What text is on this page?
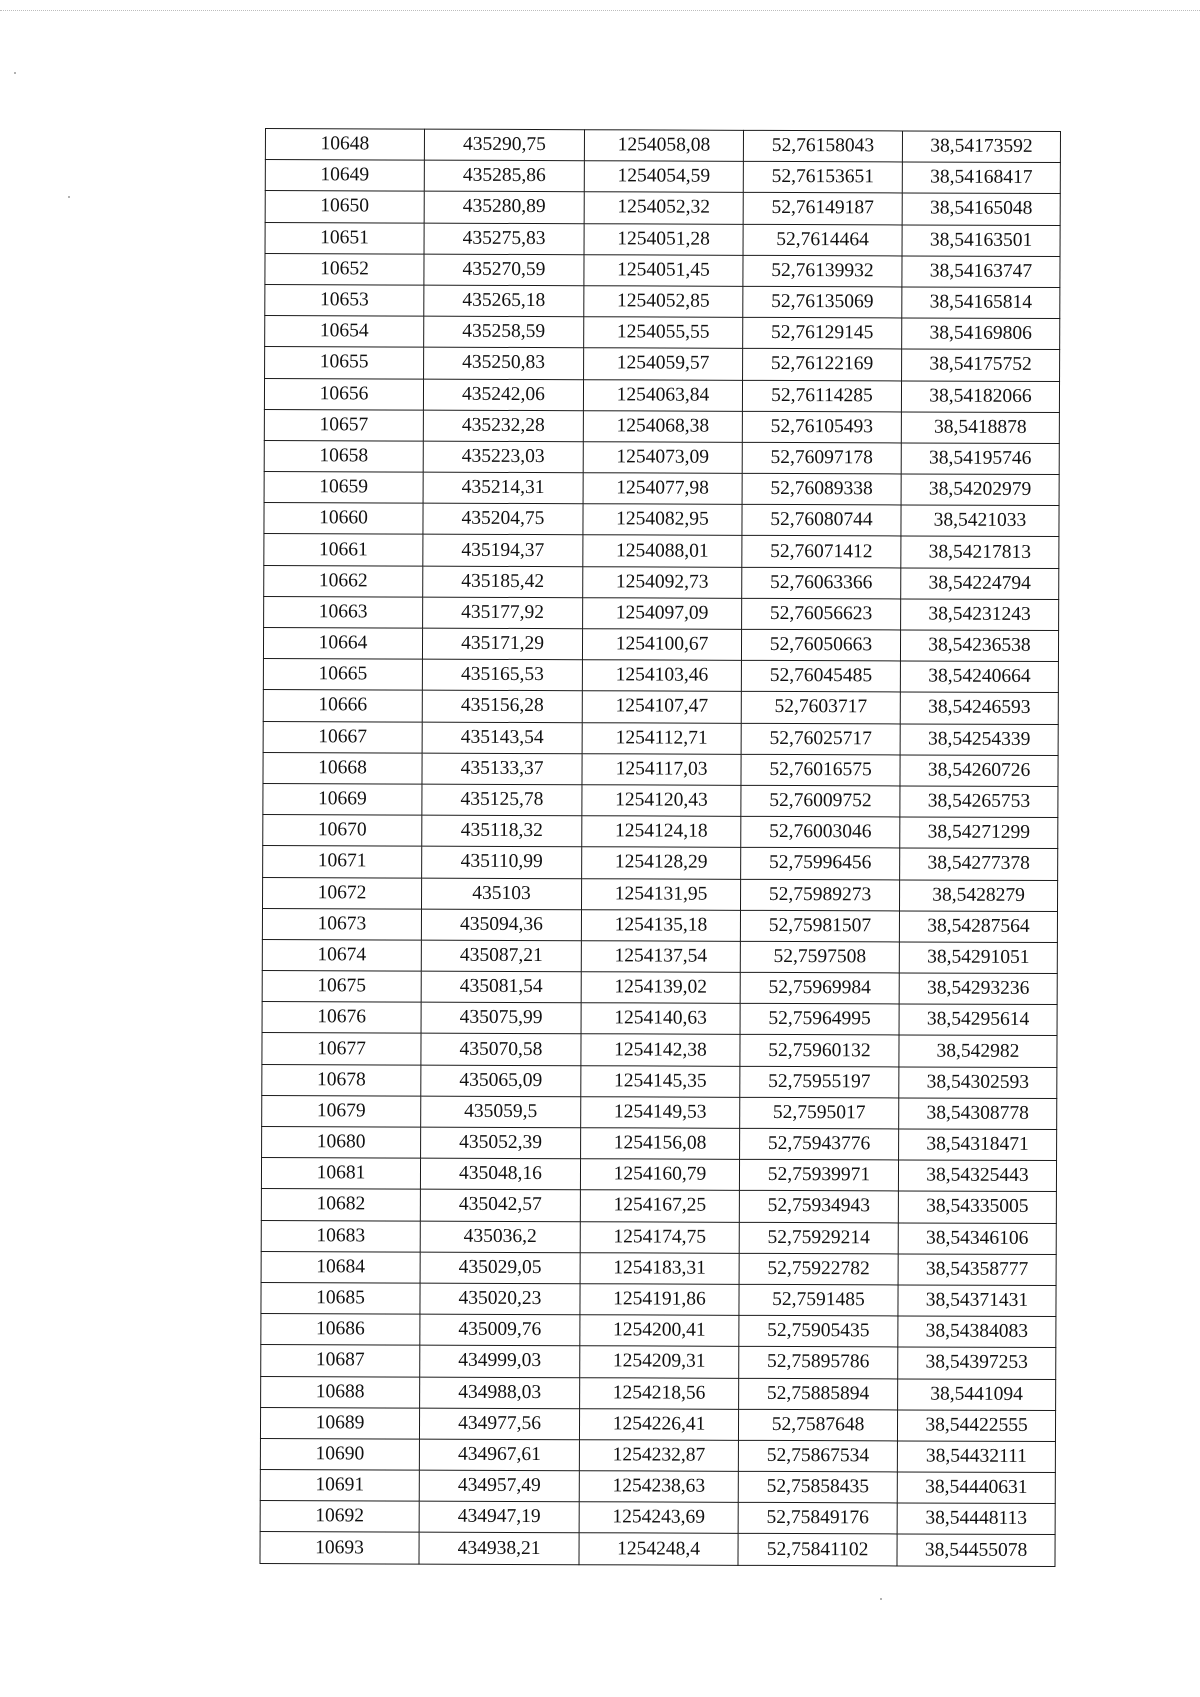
10648	435290,75	1254058,08	52,76158043	38,54173592
10649	435285,86	1254054,59	52,76153651	38,54168417
10650	435280,89	1254052,32	52,76149187	38,54165048
10651	435275,83	1254051,28	52,7614464	38,54163501
10652	435270,59	1254051,45	52,76139932	38,54163747
10653	435265,18	1254052,85	52,76135069	38,54165814
10654	435258,59	1254055,55	52,76129145	38,54169806
10655	435250,83	1254059,57	52,76122169	38,54175752
10656	435242,06	1254063,84	52,76114285	38,54182066
10657	435232,28	1254068,38	52,76105493	38,5418878
10658	435223,03	1254073,09	52,76097178	38,54195746
10659	435214,31	1254077,98	52,76089338	38,54202979
10660	435204,75	1254082,95	52,76080744	38,5421033
10661	435194,37	1254088,01	52,76071412	38,54217813
10662	435185,42	1254092,73	52,76063366	38,54224794
10663	435177,92	1254097,09	52,76056623	38,54231243
10664	435171,29	1254100,67	52,76050663	38,54236538
10665	435165,53	1254103,46	52,76045485	38,54240664
10666	435156,28	1254107,47	52,7603717	38,54246593
10667	435143,54	1254112,71	52,76025717	38,54254339
10668	435133,37	1254117,03	52,76016575	38,54260726
10669	435125,78	1254120,43	52,76009752	38,54265753
10670	435118,32	1254124,18	52,76003046	38,54271299
10671	435110,99	1254128,29	52,75996456	38,54277378
10672	435103	1254131,95	52,75989273	38,5428279
10673	435094,36	1254135,18	52,75981507	38,54287564
10674	435087,21	1254137,54	52,7597508	38,54291051
10675	435081,54	1254139,02	52,75969984	38,54293236
10676	435075,99	1254140,63	52,75964995	38,54295614
10677	435070,58	1254142,38	52,75960132	38,542982
10678	435065,09	1254145,35	52,75955197	38,54302593
10679	435059,5	1254149,53	52,7595017	38,54308778
10680	435052,39	1254156,08	52,75943776	38,54318471
10681	435048,16	1254160,79	52,75939971	38,54325443
10682	435042,57	1254167,25	52,75934943	38,54335005
10683	435036,2	1254174,75	52,75929214	38,54346106
10684	435029,05	1254183,31	52,75922782	38,54358777
10685	435020,23	1254191,86	52,7591485	38,54371431
10686	435009,76	1254200,41	52,75905435	38,54384083
10687	434999,03	1254209,31	52,75895786	38,54397253
10688	434988,03	1254218,56	52,75885894	38,5441094
10689	434977,56	1254226,41	52,7587648	38,54422555
10690	434967,61	1254232,87	52,75867534	38,54432111
10691	434957,49	1254238,63	52,75858435	38,54440631
10692	434947,19	1254243,69	52,75849176	38,54448113
10693	434938,21	1254248,4	52,75841102	38,54455078
